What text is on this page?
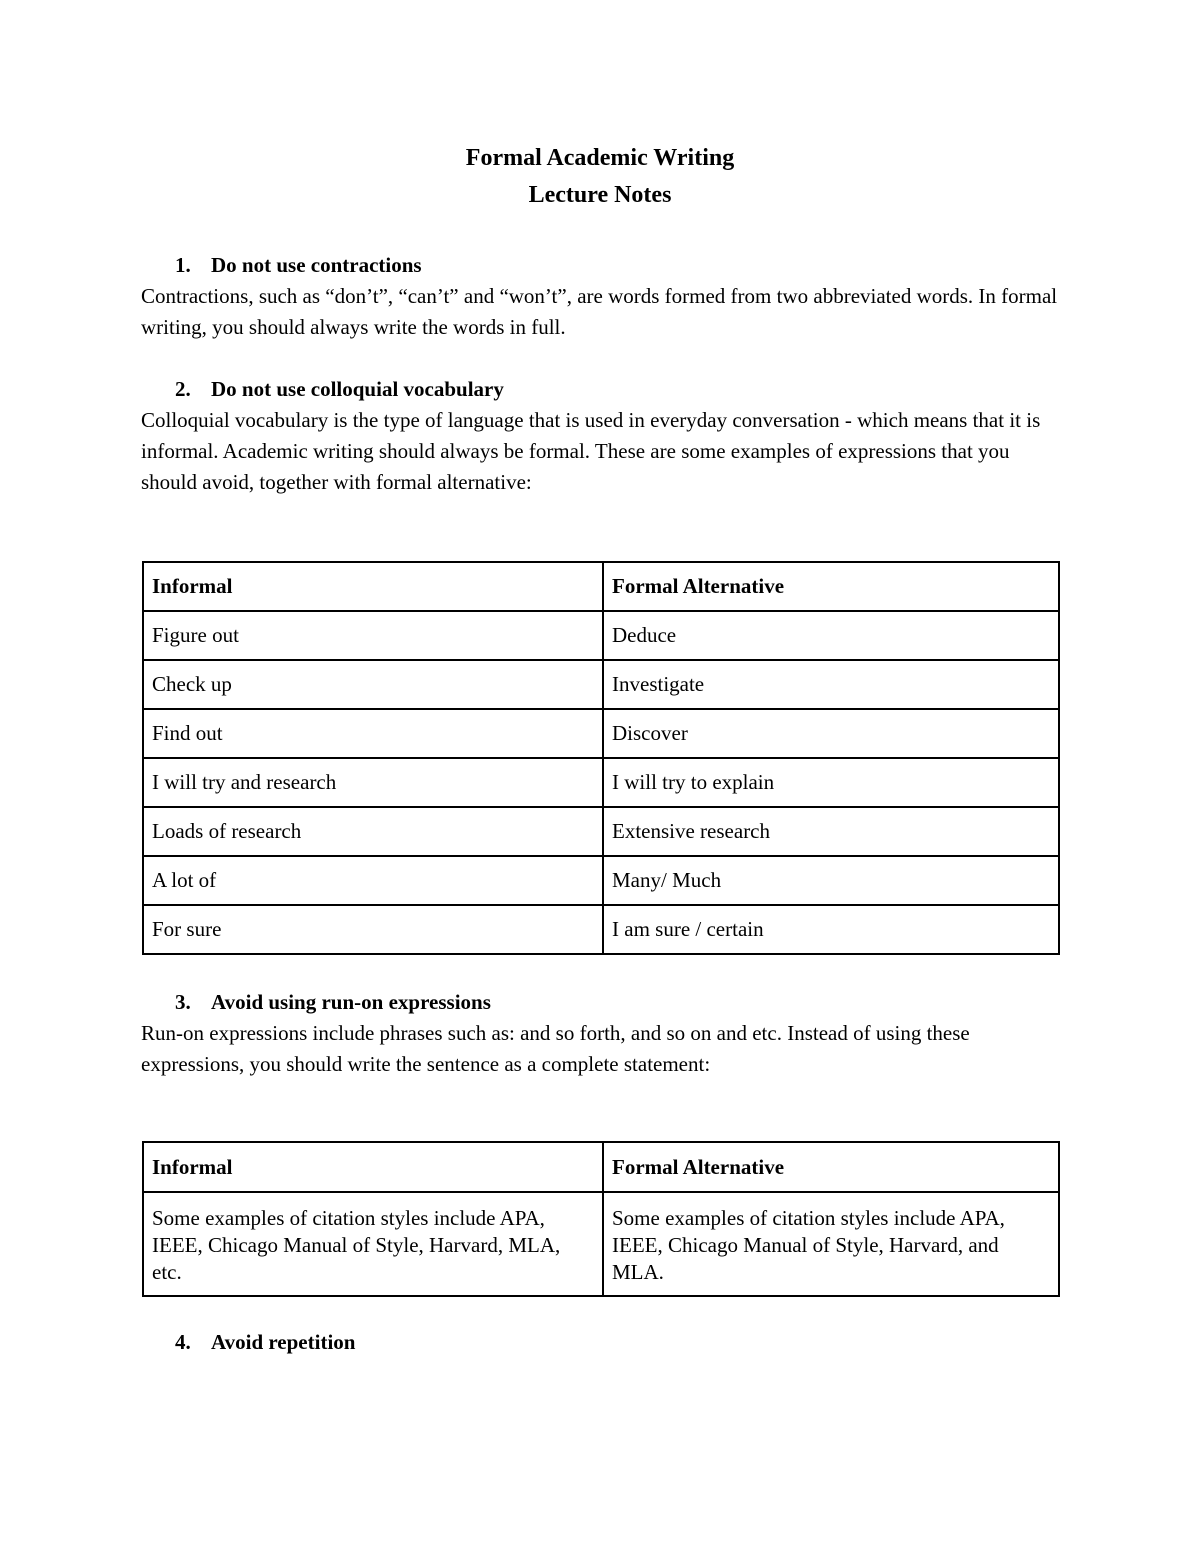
Formal Academic Writing
Lecture Notes
1. Do not use contractions
Contractions, such as “don’t”, “can’t” and “won’t”, are words formed from two abbreviated words. In formal writing, you should always write the words in full.
2. Do not use colloquial vocabulary
Colloquial vocabulary is the type of language that is used in everyday conversation - which means that it is informal. Academic writing should always be formal. These are some examples of expressions that you should avoid, together with formal alternative:
Informal	Formal Alternative
Figure out	Deduce
Check up	Investigate
Find out	Discover
I will try and research	I will try to explain
Loads of research	Extensive research
A lot of	Many/ Much
For sure	I am sure / certain
3. Avoid using run-on expressions
Run-on expressions include phrases such as: and so forth, and so on and etc. Instead of using these expressions, you should write the sentence as a complete statement:
Informal	Formal Alternative
Some examples of citation styles include APA, IEEE, Chicago Manual of Style, Harvard, MLA, etc.	Some examples of citation styles include APA, IEEE, Chicago Manual of Style, Harvard, and MLA.
4. Avoid repetition
